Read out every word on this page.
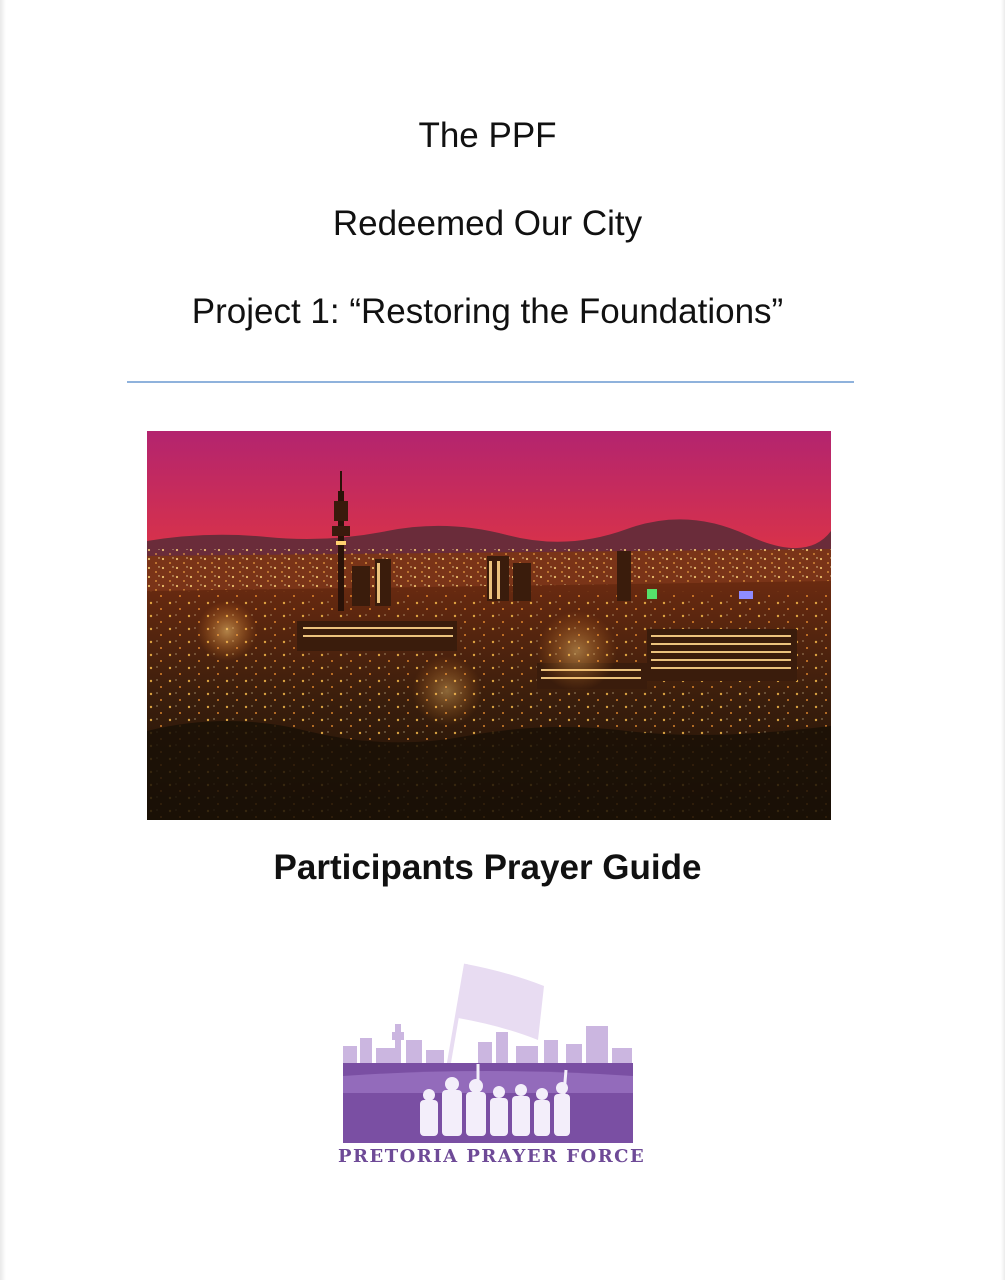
The PPF
Redeemed Our City
Project 1: “Restoring the Foundations”
Participants Prayer Guide
PRETORIA PRAYER FORCE
